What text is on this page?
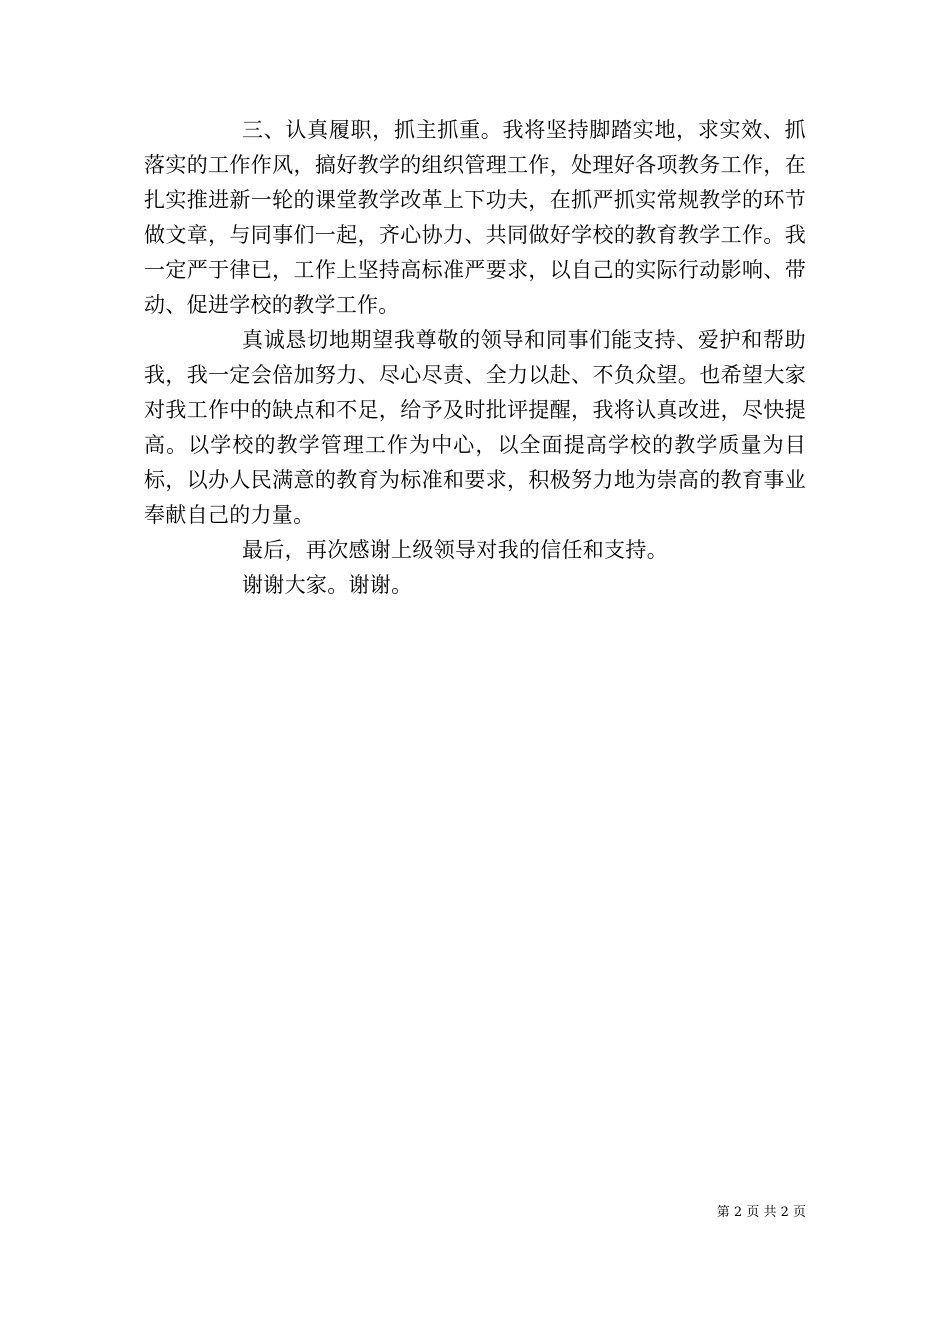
三、认真履职，抓主抓重。我将坚持脚踏实地，求实效、抓落实的工作作风，搞好教学的组织管理工作，处理好各项教务工作，在扎实推进新一轮的课堂教学改革上下功夫，在抓严抓实常规教学的环节做文章，与同事们一起，齐心协力、共同做好学校的教育教学工作。我一定严于律已，工作上坚持高标准严要求，以自己的实际行动影响、带动、促进学校的教学工作。

真诚恳切地期望我尊敬的领导和同事们能支持、爱护和帮助我，我一定会倍加努力、尽心尽责、全力以赴、不负众望。也希望大家对我工作中的缺点和不足，给予及时批评提醒，我将认真改进，尽快提高。以学校的教学管理工作为中心，以全面提高学校的教学质量为目标，以办人民满意的教育为标准和要求，积极努力地为崇高的教育事业奉献自己的力量。

最后，再次感谢上级领导对我的信任和支持。

谢谢大家。谢谢。

第 2 页 共 2 页
